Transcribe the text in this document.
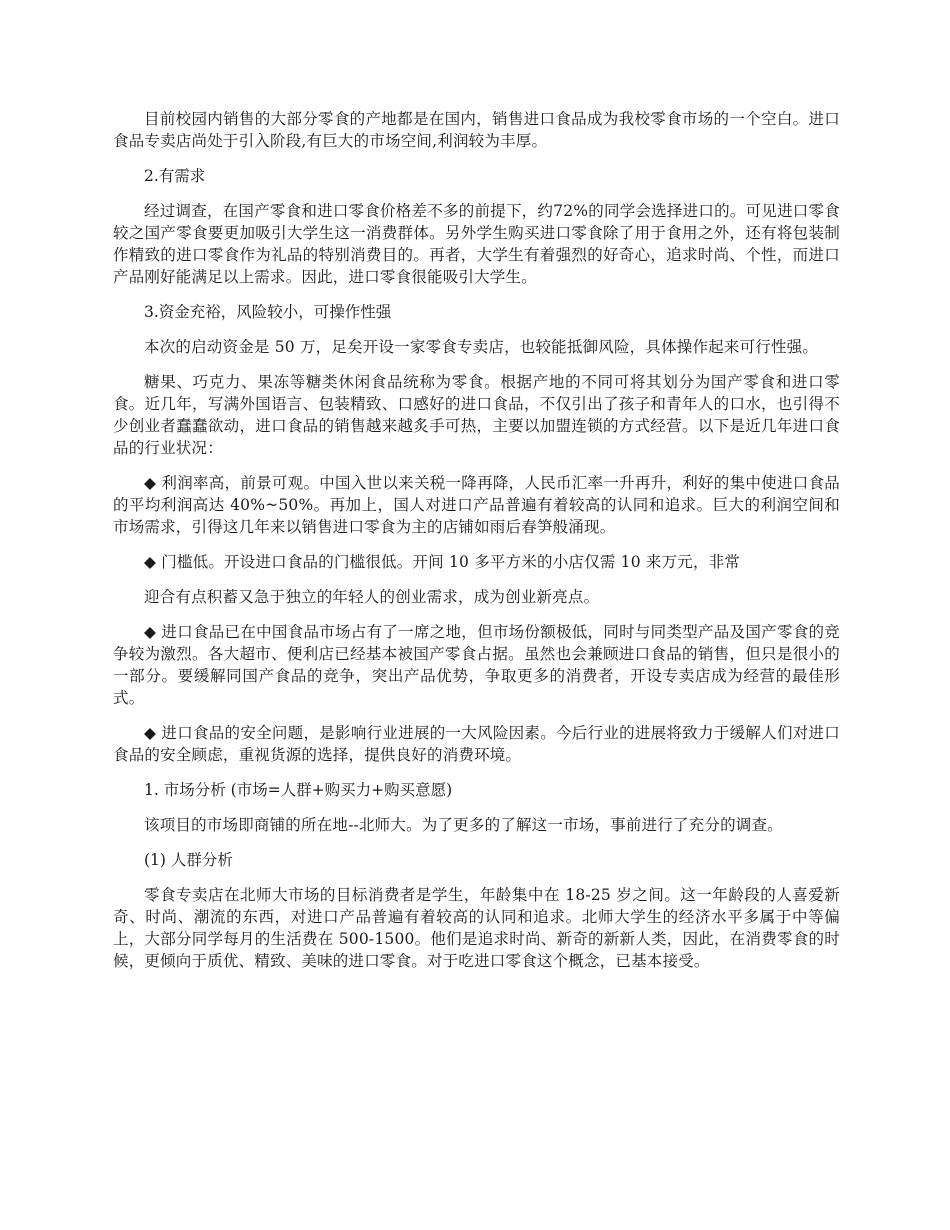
目前校园内销售的大部分零食的产地都是在国内，销售进口食品成为我校零食市场的一个空白。进口食品专卖店尚处于引入阶段,有巨大的市场空间,利润较为丰厚。

2.有需求

经过调查，在国产零食和进口零食价格差不多的前提下，约72%的同学会选择进口的。可见进口零食较之国产零食要更加吸引大学生这一消费群体。另外学生购买进口零食除了用于食用之外，还有将包装制作精致的进口零食作为礼品的特别消费目的。再者，大学生有着强烈的好奇心，追求时尚、个性，而进口产品刚好能满足以上需求。因此，进口零食很能吸引大学生。

3.资金充裕，风险较小，可操作性强

本次的启动资金是 50 万，足矣开设一家零食专卖店，也较能抵御风险，具体操作起来可行性强。

糖果、巧克力、果冻等糖类休闲食品统称为零食。根据产地的不同可将其划分为国产零食和进口零食。近几年，写满外国语言、包装精致、口感好的进口食品，不仅引出了孩子和青年人的口水，也引得不少创业者蠢蠢欲动，进口食品的销售越来越炙手可热，主要以加盟连锁的方式经营。以下是近几年进口食品的行业状况：

◆ 利润率高，前景可观。中国入世以来关税一降再降，人民币汇率一升再升，利好的集中使进口食品的平均利润高达 40%~50%。再加上，国人对进口产品普遍有着较高的认同和追求。巨大的利润空间和市场需求，引得这几年来以销售进口零食为主的店铺如雨后春笋般涌现。

◆ 门槛低。开设进口食品的门槛很低。开间 10 多平方米的小店仅需 10 来万元，非常

迎合有点积蓄又急于独立的年轻人的创业需求，成为创业新亮点。

◆ 进口食品已在中国食品市场占有了一席之地，但市场份额极低，同时与同类型产品及国产零食的竞争较为激烈。各大超市、便利店已经基本被国产零食占据。虽然也会兼顾进口食品的销售，但只是很小的一部分。要缓解同国产食品的竞争，突出产品优势，争取更多的消费者，开设专卖店成为经营的最佳形式。

◆ 进口食品的安全问题，是影响行业进展的一大风险因素。今后行业的进展将致力于缓解人们对进口食品的安全顾虑，重视货源的选择，提供良好的消费环境。

1. 市场分析 (市场=人群+购买力+购买意愿)

该项目的市场即商铺的所在地--北师大。为了更多的了解这一市场，事前进行了充分的调查。

(1) 人群分析

零食专卖店在北师大市场的目标消费者是学生，年龄集中在 18-25 岁之间。这一年龄段的人喜爱新奇、时尚、潮流的东西，对进口产品普遍有着较高的认同和追求。北师大学生的经济水平多属于中等偏上，大部分同学每月的生活费在 500-1500。他们是追求时尚、新奇的新新人类，因此，在消费零食的时候，更倾向于质优、精致、美味的进口零食。对于吃进口零食这个概念，已基本接受。
